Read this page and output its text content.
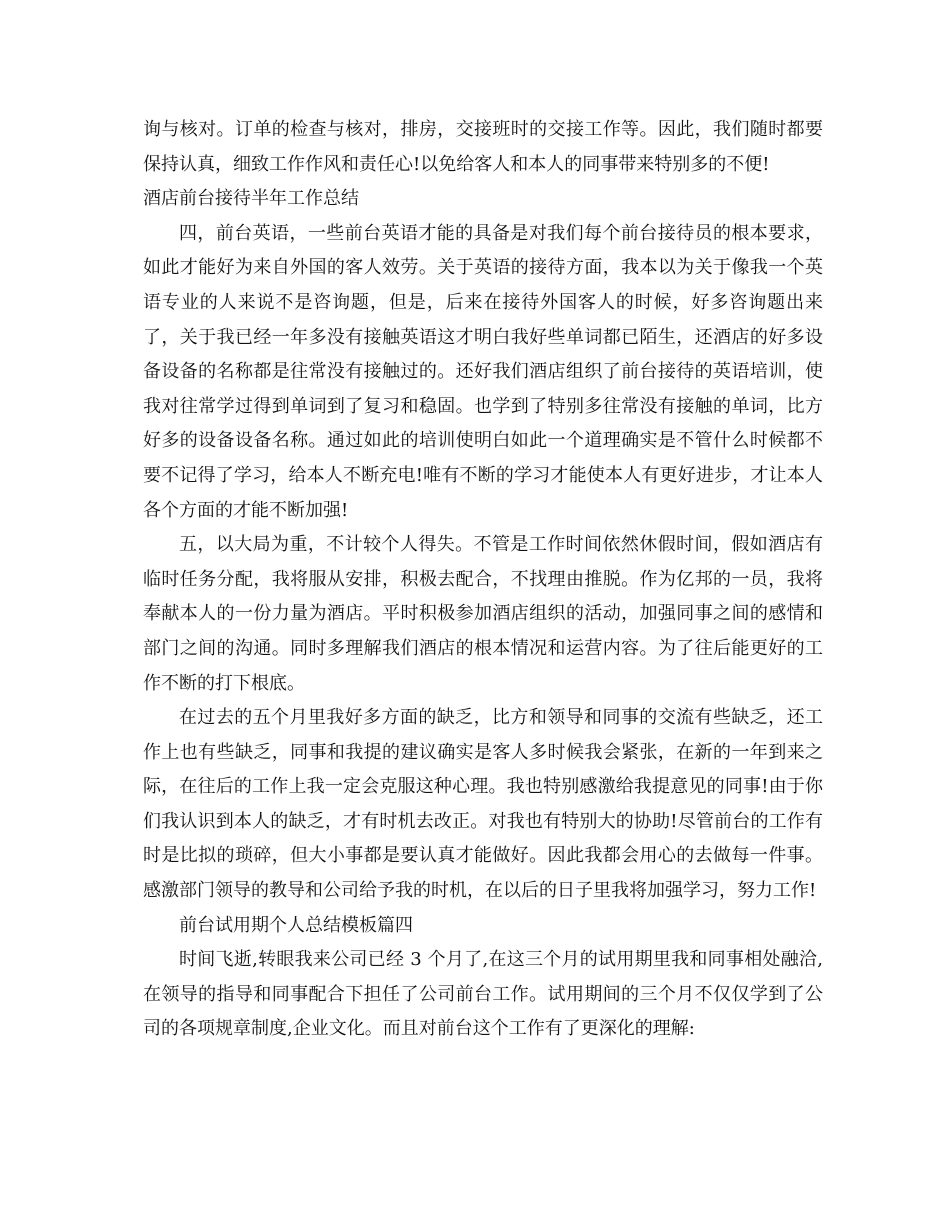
询与核对。订单的检查与核对，排房，交接班时的交接工作等。因此，我们随时都要保持认真，细致工作作风和责任心!以免给客人和本人的同事带来特别多的不便!

酒店前台接待半年工作总结

四，前台英语，一些前台英语才能的具备是对我们每个前台接待员的根本要求，如此才能好为来自外国的客人效劳。关于英语的接待方面，我本以为关于像我一个英语专业的人来说不是咨询题，但是，后来在接待外国客人的时候，好多咨询题出来了，关于我已经一年多没有接触英语这才明白我好些单词都已陌生，还酒店的好多设备设备的名称都是往常没有接触过的。还好我们酒店组织了前台接待的英语培训，使我对往常学过得到单词到了复习和稳固。也学到了特别多往常没有接触的单词，比方好多的设备设备名称。通过如此的培训使明白如此一个道理确实是不管什么时候都不要不记得了学习，给本人不断充电!唯有不断的学习才能使本人有更好进步，才让本人各个方面的才能不断加强!

五，以大局为重，不计较个人得失。不管是工作时间依然休假时间，假如酒店有临时任务分配，我将服从安排，积极去配合，不找理由推脱。作为亿邦的一员，我将奉献本人的一份力量为酒店。平时积极参加酒店组织的活动，加强同事之间的感情和部门之间的沟通。同时多理解我们酒店的根本情况和运营内容。为了往后能更好的工作不断的打下根底。

在过去的五个月里我好多方面的缺乏，比方和领导和同事的交流有些缺乏，还工作上也有些缺乏，同事和我提的建议确实是客人多时候我会紧张，在新的一年到来之际，在往后的工作上我一定会克服这种心理。我也特别感激给我提意见的同事!由于你们我认识到本人的缺乏，才有时机去改正。对我也有特别大的协助!尽管前台的工作有时是比拟的琐碎，但大小事都是要认真才能做好。因此我都会用心的去做每一件事。感激部门领导的教导和公司给予我的时机，在以后的日子里我将加强学习，努力工作!

前台试用期个人总结模板篇四

时间飞逝,转眼我来公司已经 3 个月了,在这三个月的试用期里我和同事相处融洽,在领导的指导和同事配合下担任了公司前台工作。试用期间的三个月不仅仅学到了公司的各项规章制度,企业文化。而且对前台这个工作有了更深化的理解:
